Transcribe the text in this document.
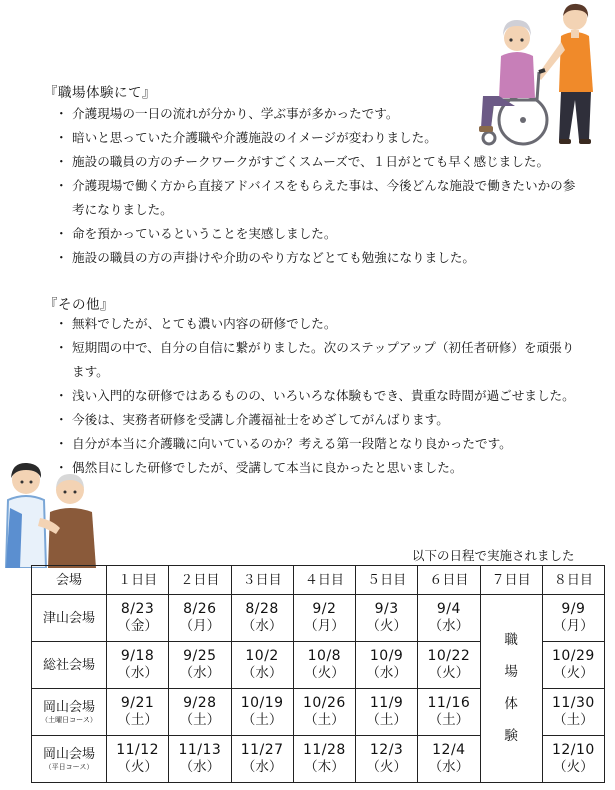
『職場体験にて』
・ 介護現場の一日の流れが分かり、学ぶ事が多かったです。
・ 暗いと思っていた介護職や介護施設のイメージが変わりました。
・ 施設の職員の方のチークワークがすごくスムーズで、１日がとても早く感じました。
・ 介護現場で働く方から直接アドバイスをもらえた事は、今後どんな施設で働きたいかの参考になりました。
・ 命を預かっているということを実感しました。
・ 施設の職員の方の声掛けや介助のやり方などとても勉強になりました。
『その他』
・ 無料でしたが、とても濃い内容の研修でした。
・ 短期間の中で、自分の自信に繋がりました。次のステップアップ（初任者研修）を頑張ります。
・ 浅い入門的な研修ではあるものの、いろいろな体験もでき、貴重な時間が過ごせました。
・ 今後は、実務者研修を受講し介護福祉士をめざしてがんばります。
・ 自分が本当に介護職に向いているのか？考える第一段階となり良かったです。
・ 偶然目にした研修でしたが、受講して本当に良かったと思いました。
以下の日程で実施されました
会場	１日目	２日目	３日目	４日目	５日目	６日目	７日目	８日目

津山会場	8/23
（金）	8/26
（月）	8/28
（水）	9/2
（月）	9/3
（火）	9/4
（水）	職
場
体
験	9/9
（月）

総社会場	9/18
（水）	9/25
（水）	10/2
（水）	10/8
（火）	10/9
（水）	10/22
（火）		10/29
（火）

岡山会場
（土曜日コース）	9/21
（土）	9/28
（土）	10/19
（土）	10/26
（土）	11/9
（土）	11/16
（土）		11/30
（土）

岡山会場
（平日コース）	11/12
（火）	11/13
（水）	11/27
（水）	11/28
（木）	12/3
（火）	12/4
（水）		12/10
（火）
